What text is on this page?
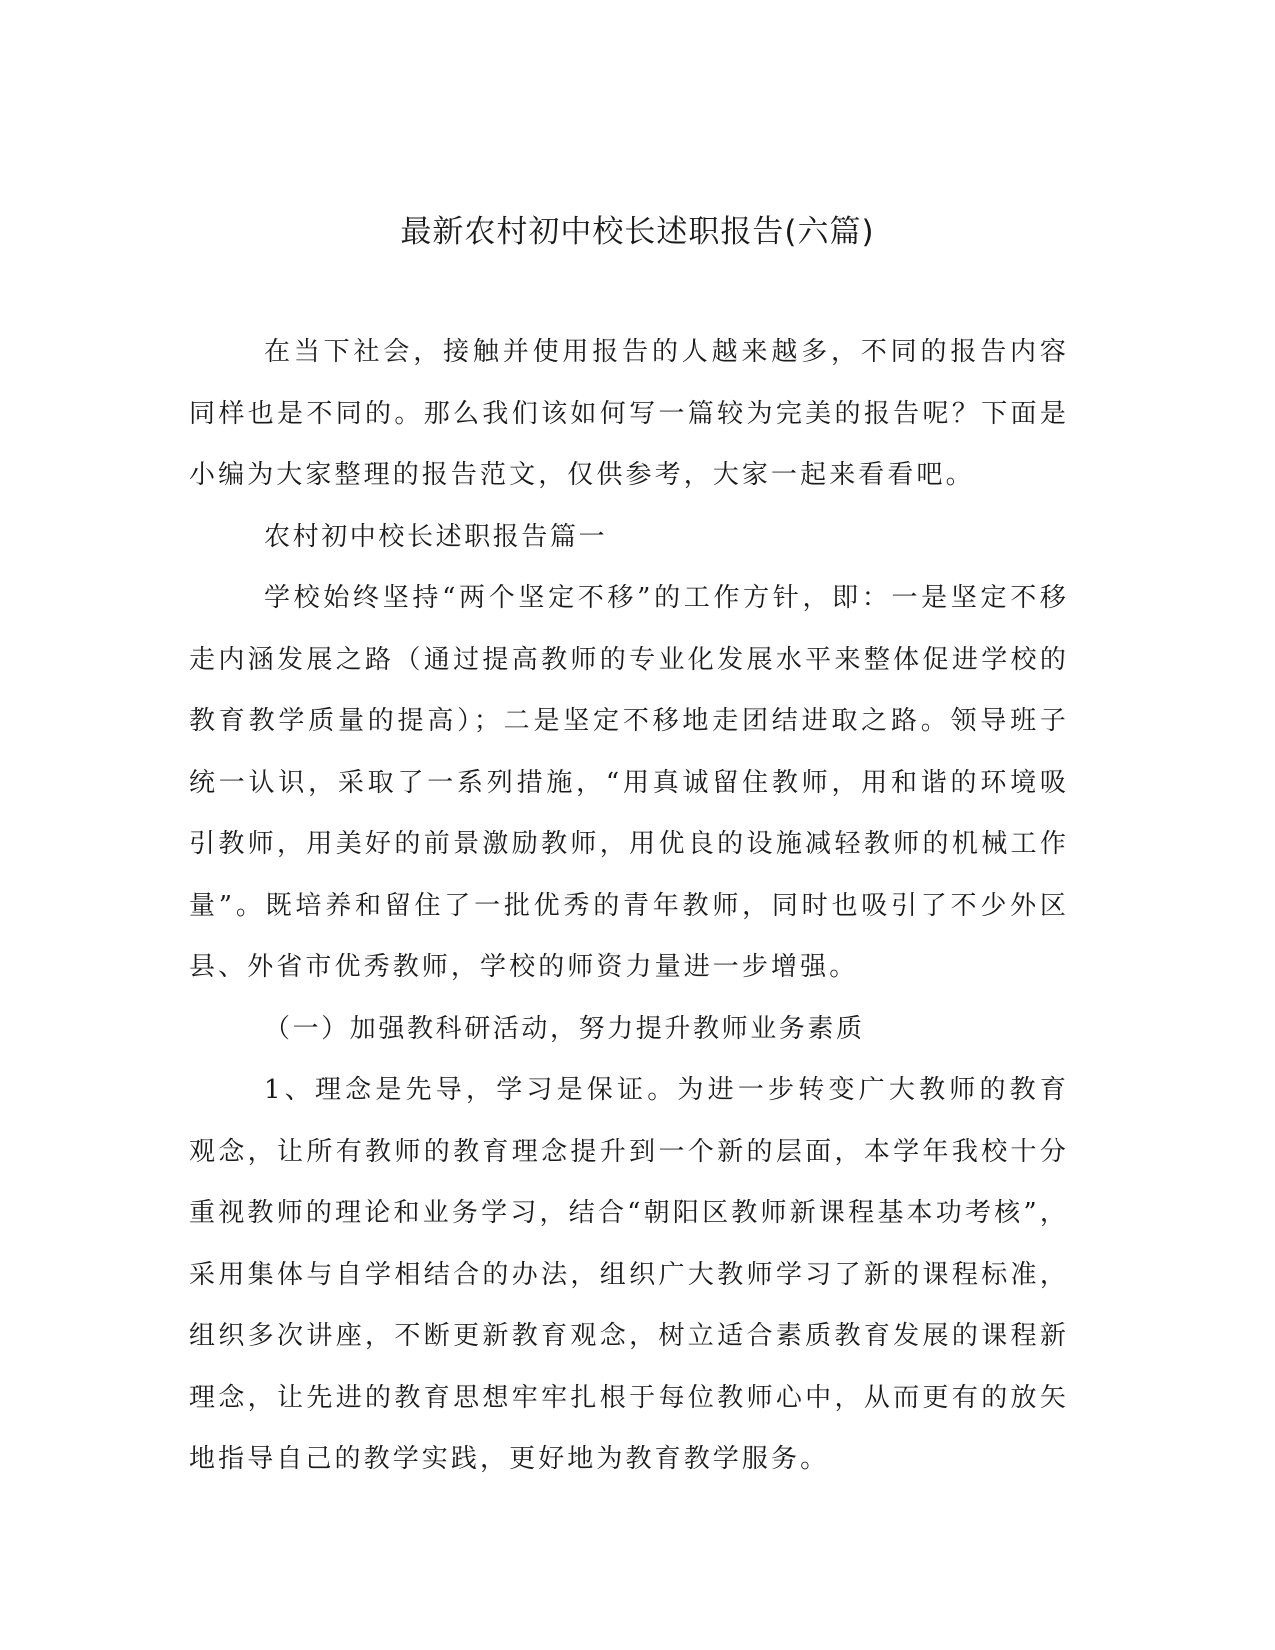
最新农村初中校长述职报告(六篇)

在当下社会，接触并使用报告的人越来越多，不同的报告内容同样也是不同的。那么我们该如何写一篇较为完美的报告呢？下面是小编为大家整理的报告范文，仅供参考，大家一起来看看吧。

农村初中校长述职报告篇一

学校始终坚持“两个坚定不移”的工作方针，即：一是坚定不移走内涵发展之路（通过提高教师的专业化发展水平来整体促进学校的教育教学质量的提高）；二是坚定不移地走团结进取之路。领导班子统一认识，采取了一系列措施，“用真诚留住教师，用和谐的环境吸引教师，用美好的前景激励教师，用优良的设施减轻教师的机械工作量”。既培养和留住了一批优秀的青年教师，同时也吸引了不少外区县、外省市优秀教师，学校的师资力量进一步增强。

（一）加强教科研活动，努力提升教师业务素质

1、理念是先导，学习是保证。为进一步转变广大教师的教育观念，让所有教师的教育理念提升到一个新的层面，本学年我校十分重视教师的理论和业务学习，结合“朝阳区教师新课程基本功考核”，采用集体与自学相结合的办法，组织广大教师学习了新的课程标准，组织多次讲座，不断更新教育观念，树立适合素质教育发展的课程新理念，让先进的教育思想牢牢扎根于每位教师心中，从而更有的放矢地指导自己的教学实践，更好地为教育教学服务。
